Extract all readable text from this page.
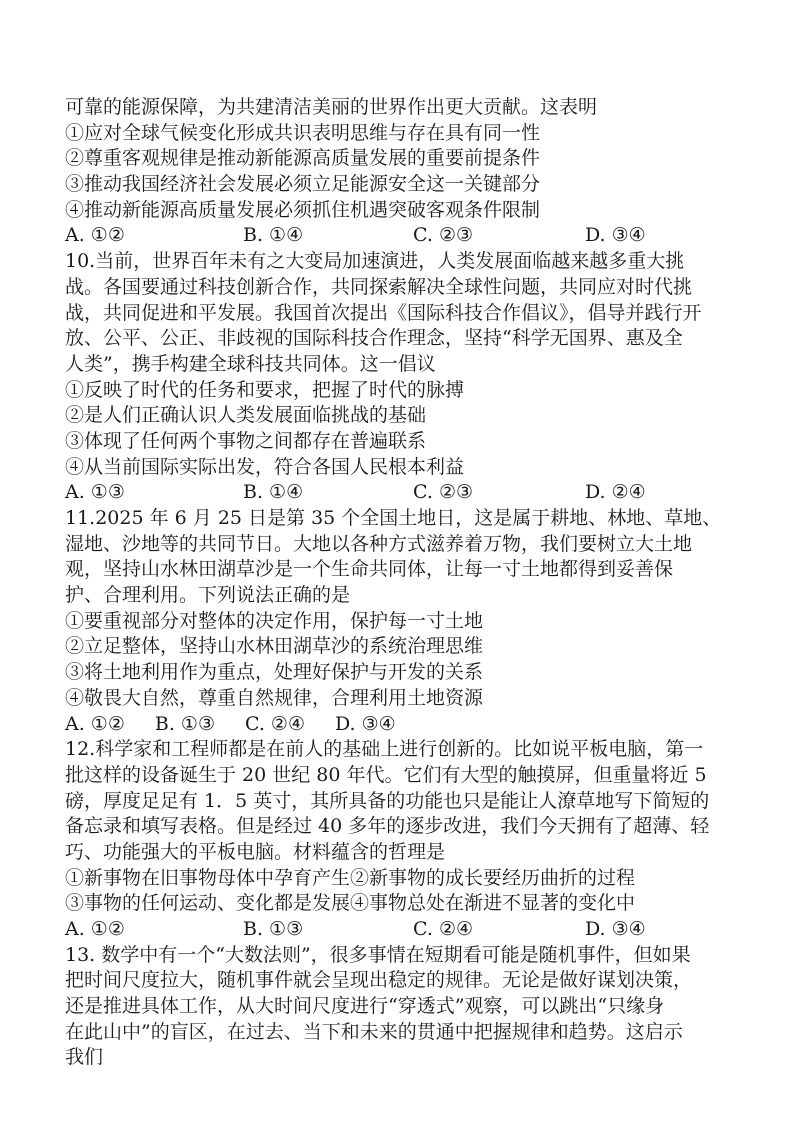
可靠的能源保障，为共建清洁美丽的世界作出更大贡献。这表明
①应对全球气候变化形成共识表明思维与存在具有同一性
②尊重客观规律是推动新能源高质量发展的重要前提条件
③推动我国经济社会发展必须立足能源安全这一关键部分
④推动新能源高质量发展必须抓住机遇突破客观条件限制
A. ①②	B. ①④	C. ②③	D. ③④
10.当前，世界百年未有之大变局加速演进，人类发展面临越来越多重大挑
战。各国要通过科技创新合作，共同探索解决全球性问题，共同应对时代挑
战，共同促进和平发展。我国首次提出《国际科技合作倡议》，倡导并践行开
放、公平、公正、非歧视的国际科技合作理念，坚持“科学无国界、惠及全
人类”，携手构建全球科技共同体。这一倡议
①反映了时代的任务和要求，把握了时代的脉搏
②是人们正确认识人类发展面临挑战的基础
③体现了任何两个事物之间都存在普遍联系
④从当前国际实际出发，符合各国人民根本利益
A. ①③	B. ①④	C. ②③	D. ②④
11.2025 年 6 月 25 日是第 35 个全国土地日，这是属于耕地、林地、草地、
湿地、沙地等的共同节日。大地以各种方式滋养着万物，我们要树立大土地
观，坚持山水林田湖草沙是一个生命共同体，让每一寸土地都得到妥善保
护、合理利用。下列说法正确的是
①要重视部分对整体的决定作用，保护每一寸土地
②立足整体，坚持山水林田湖草沙的系统治理思维
③将土地利用作为重点，处理好保护与开发的关系
④敬畏大自然，尊重自然规律，合理利用土地资源
A. ①② B. ①③ C. ②④ D. ③④
12.科学家和工程师都是在前人的基础上进行创新的。比如说平板电脑，第一
批这样的设备诞生于 20 世纪 80 年代。它们有大型的触摸屏，但重量将近 5
磅，厚度足足有 1．5 英寸，其所具备的功能也只是能让人潦草地写下简短的
备忘录和填写表格。但是经过 40 多年的逐步改进，我们今天拥有了超薄、轻
巧、功能强大的平板电脑。材料蕴含的哲理是
①新事物在旧事物母体中孕育产生②新事物的成长要经历曲折的过程
③事物的任何运动、变化都是发展④事物总处在渐进不显著的变化中
A. ①②	B. ①③	C. ②④	D. ③④
13. 数学中有一个“大数法则”，很多事情在短期看可能是随机事件，但如果
把时间尺度拉大，随机事件就会呈现出稳定的规律。无论是做好谋划决策，
还是推进具体工作，从大时间尺度进行“穿透式”观察，可以跳出“只缘身
在此山中”的盲区，在过去、当下和未来的贯通中把握规律和趋势。这启示
我们
